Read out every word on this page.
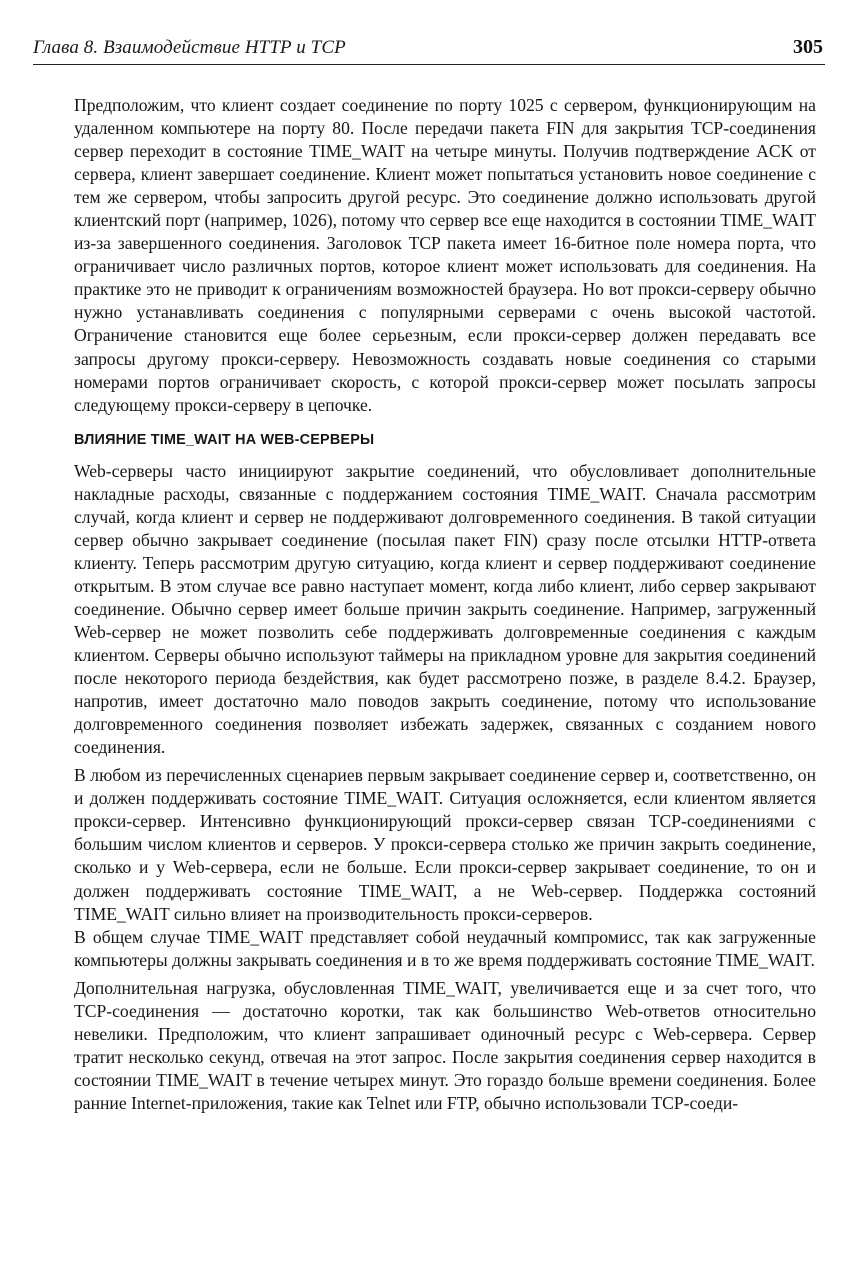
Глава 8. Взаимодействие HTTP и TCP	305

Предположим, что клиент создает соединение по порту 1025 с сервером, функционирующим на удаленном компьютере на порту 80. После передачи пакета FIN для закрытия TCP-соединения сервер переходит в состояние TIME_WAIT на четыре минуты. Получив подтверждение ACK от сервера, клиент завершает соединение. Клиент может попытаться установить новое соединение с тем же сервером, чтобы запросить другой ресурс. Это соединение должно использовать другой клиентский порт (например, 1026), потому что сервер все еще находится в состоянии TIME_WAIT из-за завершенного соединения. Заголовок TCP пакета имеет 16-битное поле номера порта, что ограничивает число различных портов, которое клиент может использовать для соединения. На практике это не приводит к ограничениям возможностей браузера. Но вот прокси-серверу обычно нужно устанавливать соединения с популярными серверами с очень высокой частотой. Ограничение становится еще более серьезным, если прокси-сервер должен передавать все запросы другому прокси-серверу. Невозможность создавать новые соединения со старыми номерами портов ограничивает скорость, с которой прокси-сервер может посылать запросы следующему прокси-серверу в цепочке.

ВЛИЯНИЕ TIME_WAIT НА WEB-СЕРВЕРЫ

Web-серверы часто инициируют закрытие соединений, что обусловливает дополнительные накладные расходы, связанные с поддержанием состояния TIME_WAIT. Сначала рассмотрим случай, когда клиент и сервер не поддерживают долговременного соединения. В такой ситуации сервер обычно закрывает соединение (посылая пакет FIN) сразу после отсылки HTTP-ответа клиенту. Теперь рассмотрим другую ситуацию, когда клиент и сервер поддерживают соединение открытым. В этом случае все равно наступает момент, когда либо клиент, либо сервер закрывают соединение. Обычно сервер имеет больше причин закрыть соединение. Например, загруженный Web-сервер не может позволить себе поддерживать долговременные соединения с каждым клиентом. Серверы обычно используют таймеры на прикладном уровне для закрытия соединений после некоторого периода бездействия, как будет рассмотрено позже, в разделе 8.4.2. Браузер, напротив, имеет достаточно мало поводов закрыть соединение, потому что использование долговременного соединения позволяет избежать задержек, связанных с созданием нового соединения.

В любом из перечисленных сценариев первым закрывает соединение сервер и, соответственно, он и должен поддерживать состояние TIME_WAIT. Ситуация осложняется, если клиентом является прокси-сервер. Интенсивно функционирующий прокси-сервер связан TCP-соединениями с большим числом клиентов и серверов. У прокси-сервера столько же причин закрыть соединение, сколько и у Web-сервера, если не больше. Если прокси-сервер закрывает соединение, то он и должен поддерживать состояние TIME_WAIT, а не Web-сервер. Поддержка состояний TIME_WAIT сильно влияет на производительность прокси-серверов.

В общем случае TIME_WAIT представляет собой неудачный компромисс, так как загруженные компьютеры должны закрывать соединения и в то же время поддерживать состояние TIME_WAIT.

Дополнительная нагрузка, обусловленная TIME_WAIT, увеличивается еще и за счет того, что TCP-соединения — достаточно коротки, так как большинство Web-ответов относительно невелики. Предположим, что клиент запрашивает одиночный ресурс с Web-сервера. Сервер тратит несколько секунд, отвечая на этот запрос. После закрытия соединения сервер находится в состоянии TIME_WAIT в течение четырех минут. Это гораздо больше времени соединения. Более ранние Internet-приложения, такие как Telnet или FTP, обычно использовали TCP-соеди-
